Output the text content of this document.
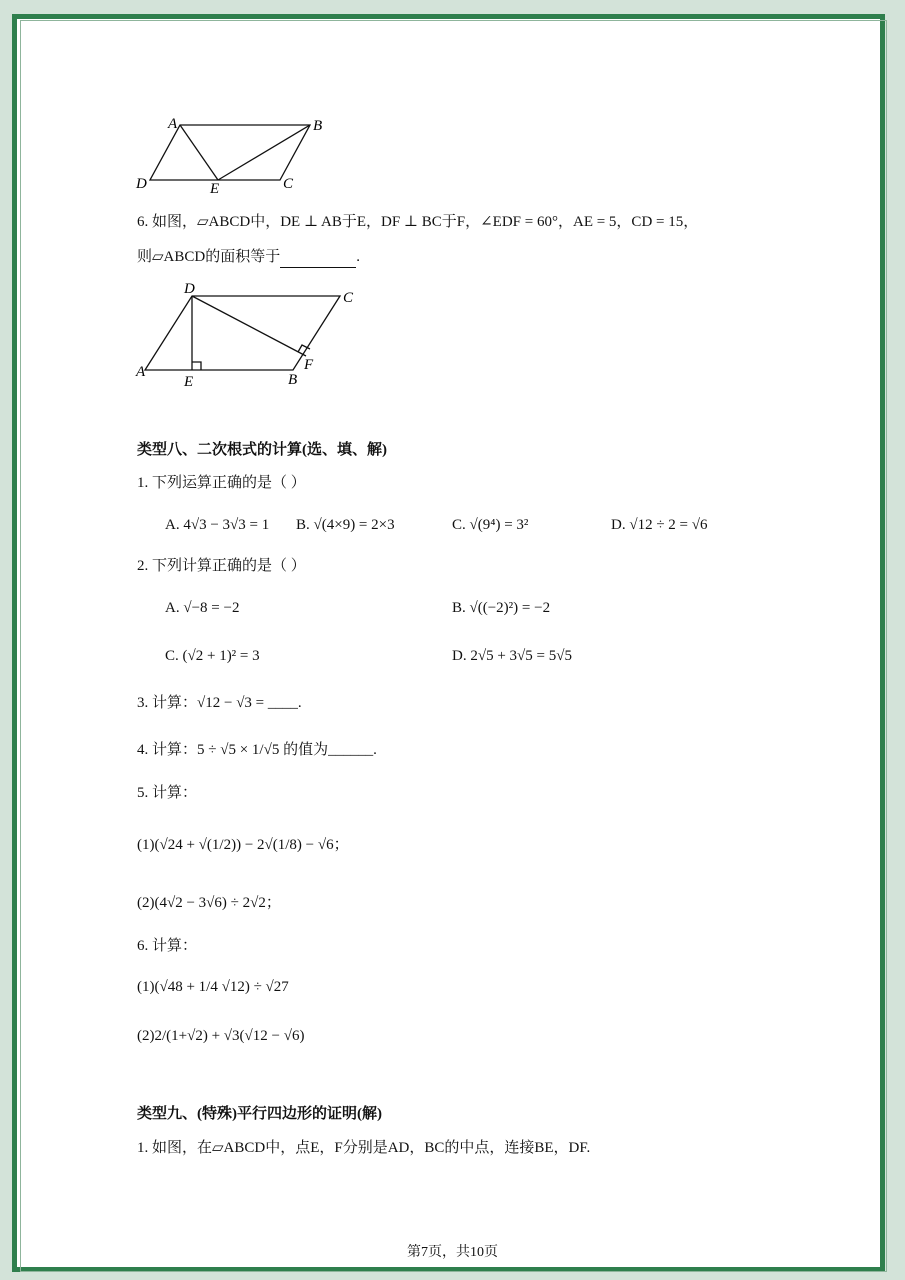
A	B
C
D	E
6. 如图，▱ABCD中，DE ⊥ AB于E，DF ⊥ BC于F，∠EDF = 60°，AE = 5，CD = 15，
则▱ABCD的面积等于	.
D
C
F
A
E	B
类型八、二次根式的计算(选、填、解)
1. 下列运算正确的是（ ）
A. 4√3 − 3√3 = 1 B. √(4×9) = 2×3	C. √(9⁴) = 3²	D. √12 ÷ 2 = √6
2. 下列计算正确的是（ ）
A. √−8 = −2	B. √((−2)²) = −2
C. (√2 + 1)² = 3	D. 2√5 + 3√5 = 5√5
3. 计算：√12 − √3 = ____.
4. 计算：5 ÷ √5 × 1/√5 的值为______.
5. 计算：
(1)(√24 + √(1/2)) − 2√(1/8) − √6；
(2)(4√2 − 3√6) ÷ 2√2；
6. 计算：
(1)(√48 + 1/4 √12) ÷ √27
(2)2/(1+√2) + √3(√12 − √6)
类型九、(特殊)平行四边形的证明(解)
1. 如图，在▱ABCD中，点E，F分别是AD，BC的中点，连接BE，DF.
第7页，共10页
